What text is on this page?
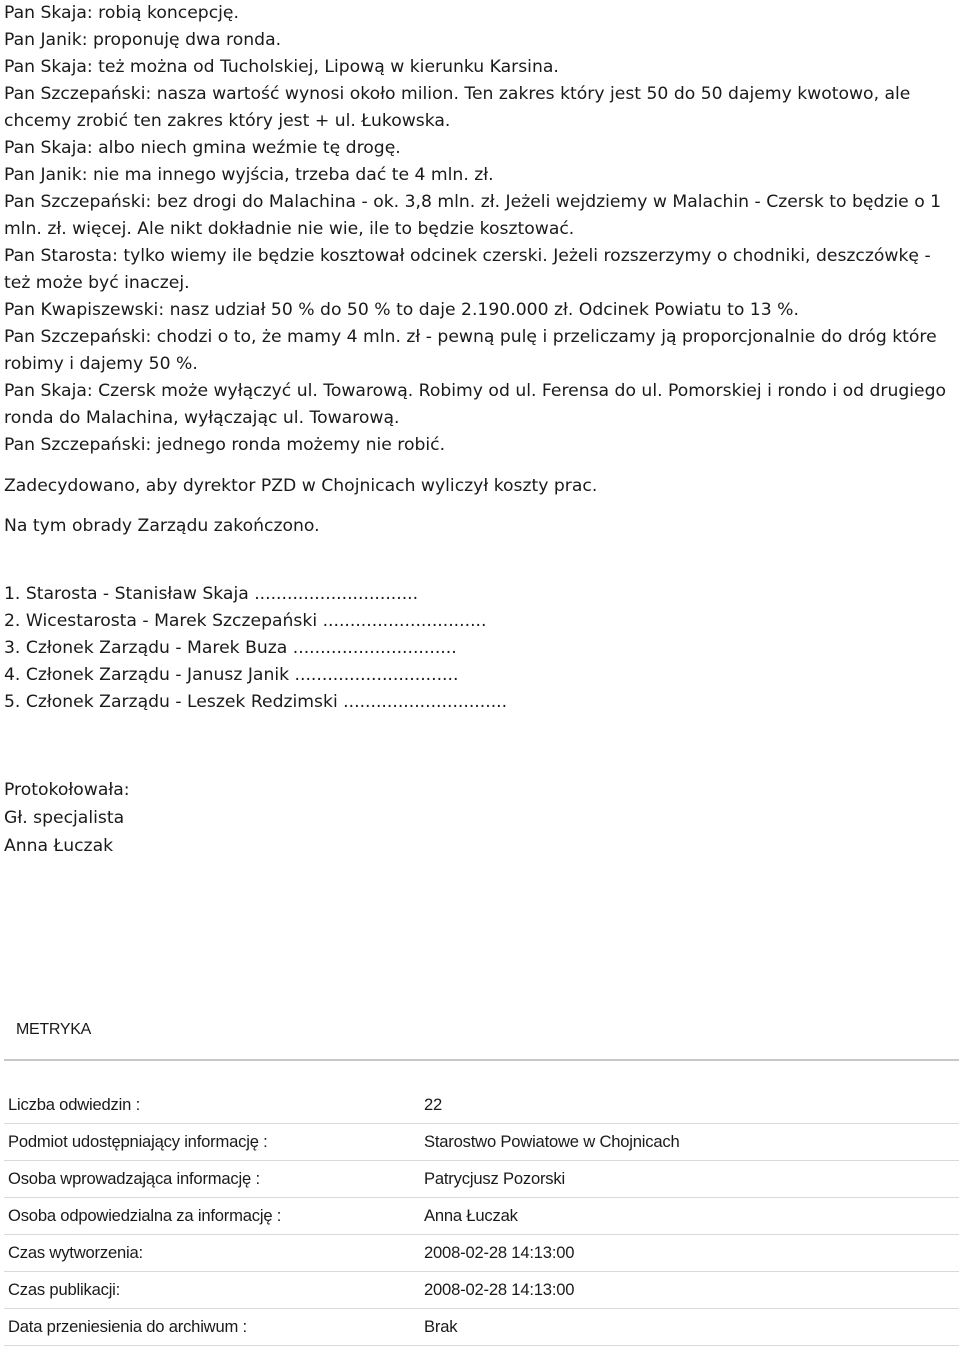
Pan Skaja: robią koncepcję.

Pan Janik: proponuję dwa ronda.

Pan Skaja: też można od Tucholskiej, Lipową w kierunku Karsina.

Pan Szczepański: nasza wartość wynosi około milion. Ten zakres który jest 50 do 50 dajemy kwotowo, ale chcemy zrobić ten zakres który jest + ul. Łukowska.

Pan Skaja: albo niech gmina weźmie tę drogę.

Pan Janik: nie ma innego wyjścia, trzeba dać te 4 mln. zł.

Pan Szczepański: bez drogi do Malachina - ok. 3,8 mln. zł. Jeżeli wejdziemy w Malachin - Czersk to będzie o 1 mln. zł. więcej. Ale nikt dokładnie nie wie, ile to będzie kosztować.

Pan Starosta: tylko wiemy ile będzie kosztował odcinek czerski. Jeżeli rozszerzymy o chodniki, deszczówkę - też może być inaczej.

Pan Kwapiszewski: nasz udział 50 % do 50 % to daje 2.190.000 zł. Odcinek Powiatu to 13 %.

Pan Szczepański: chodzi o to, że mamy 4 mln. zł - pewną pulę i przeliczamy ją proporcjonalnie do dróg które robimy i dajemy 50 %.

Pan Skaja: Czersk może wyłączyć ul. Towarową. Robimy od ul. Ferensa do ul. Pomorskiej i rondo i od drugiego ronda do Malachina, wyłączając ul. Towarową.

Pan Szczepański: jednego ronda możemy nie robić.

Zadecydowano, aby dyrektor PZD w Chojnicach wyliczył koszty prac.

Na tym obrady Zarządu zakończono.

1. Starosta - Stanisław Skaja ..............................

2. Wicestarosta - Marek Szczepański ..............................

3. Członek Zarządu - Marek Buza ..............................

4. Członek Zarządu - Janusz Janik ..............................

5. Członek Zarządu - Leszek Redzimski ..............................

Protokołowała:

Gł. specjalista

Anna Łuczak

METRYKA
Liczba odwiedzin :	22
Podmiot udostępniający informację :	Starostwo Powiatowe w Chojnicach
Osoba wprowadzająca informację :	Patrycjusz Pozorski
Osoba odpowiedzialna za informację :	Anna Łuczak
Czas wytworzenia:	2008-02-28 14:13:00
Czas publikacji:	2008-02-28 14:13:00
Data przeniesienia do archiwum :	Brak
